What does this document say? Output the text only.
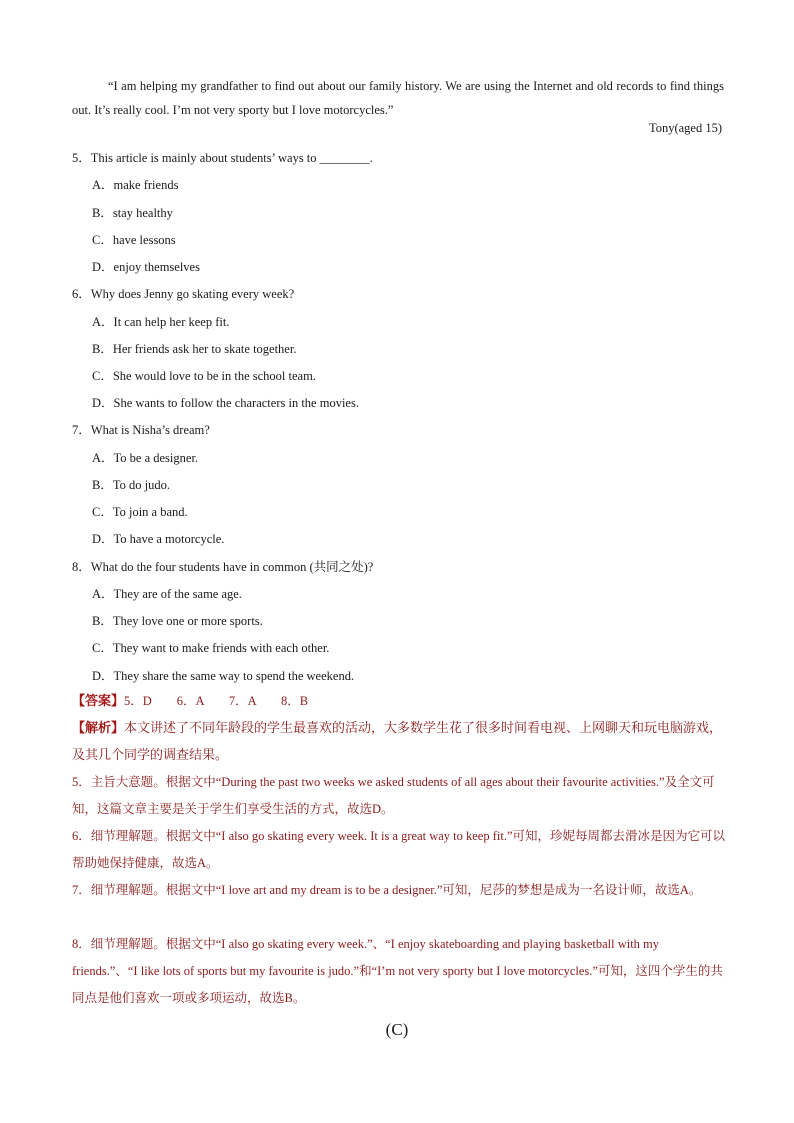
“I am helping my grandfather to find out about our family history. We are using the Internet and old records to find things out. It’s really cool. I’m not very sporty but I love motorcycles.”
Tony(aged 15)
5．This article is mainly about students’ ways to ________.
A．make friends
B．stay healthy
C．have lessons
D．enjoy themselves
6．Why does Jenny go skating every week?
A．It can help her keep fit.
B．Her friends ask her to skate together.
C．She would love to be in the school team.
D．She wants to follow the characters in the movies.
7．What is Nisha’s dream?
A．To be a designer.
B．To do judo.
C．To join a band.
D．To have a motorcycle.
8．What do the four students have in common (共同之处)?
A．They are of the same age.
B．They love one or more sports.
C．They want to make friends with each other.
D．They share the same way to spend the weekend.
【答案】5．D　　6．A　　7．A　　8．B
【解析】本文讲述了不同年龄段的学生最喜欢的活动，大多数学生花了很多时间看电视、上网聊天和玩电脑游戏，及其几个同学的调查结果。
5．主旨大意题。根据文中“During the past two weeks we asked students of all ages about their favourite activities.”及全文可知，这篇文章主要是关于学生们享受生活的方式，故选D。
6．细节理解题。根据文中“I also go skating every week. It is a great way to keep fit.”可知，珍妮每周都去滑冰是因为它可以帮助她保持健康，故选A。
7．细节理解题。根据文中“I love art and my dream is to be a designer.”可知，尼莎的梦想是成为一名设计师，故选A。
8．细节理解题。根据文中“I also go skating every week.”、“I enjoy skateboarding and playing basketball with my friends.”、“I like lots of sports but my favourite is judo.”和“I’m not very sporty but I love motorcycles.”可知，这四个学生的共同点是他们喜欢一项或多项运动，故选B。
(C)
